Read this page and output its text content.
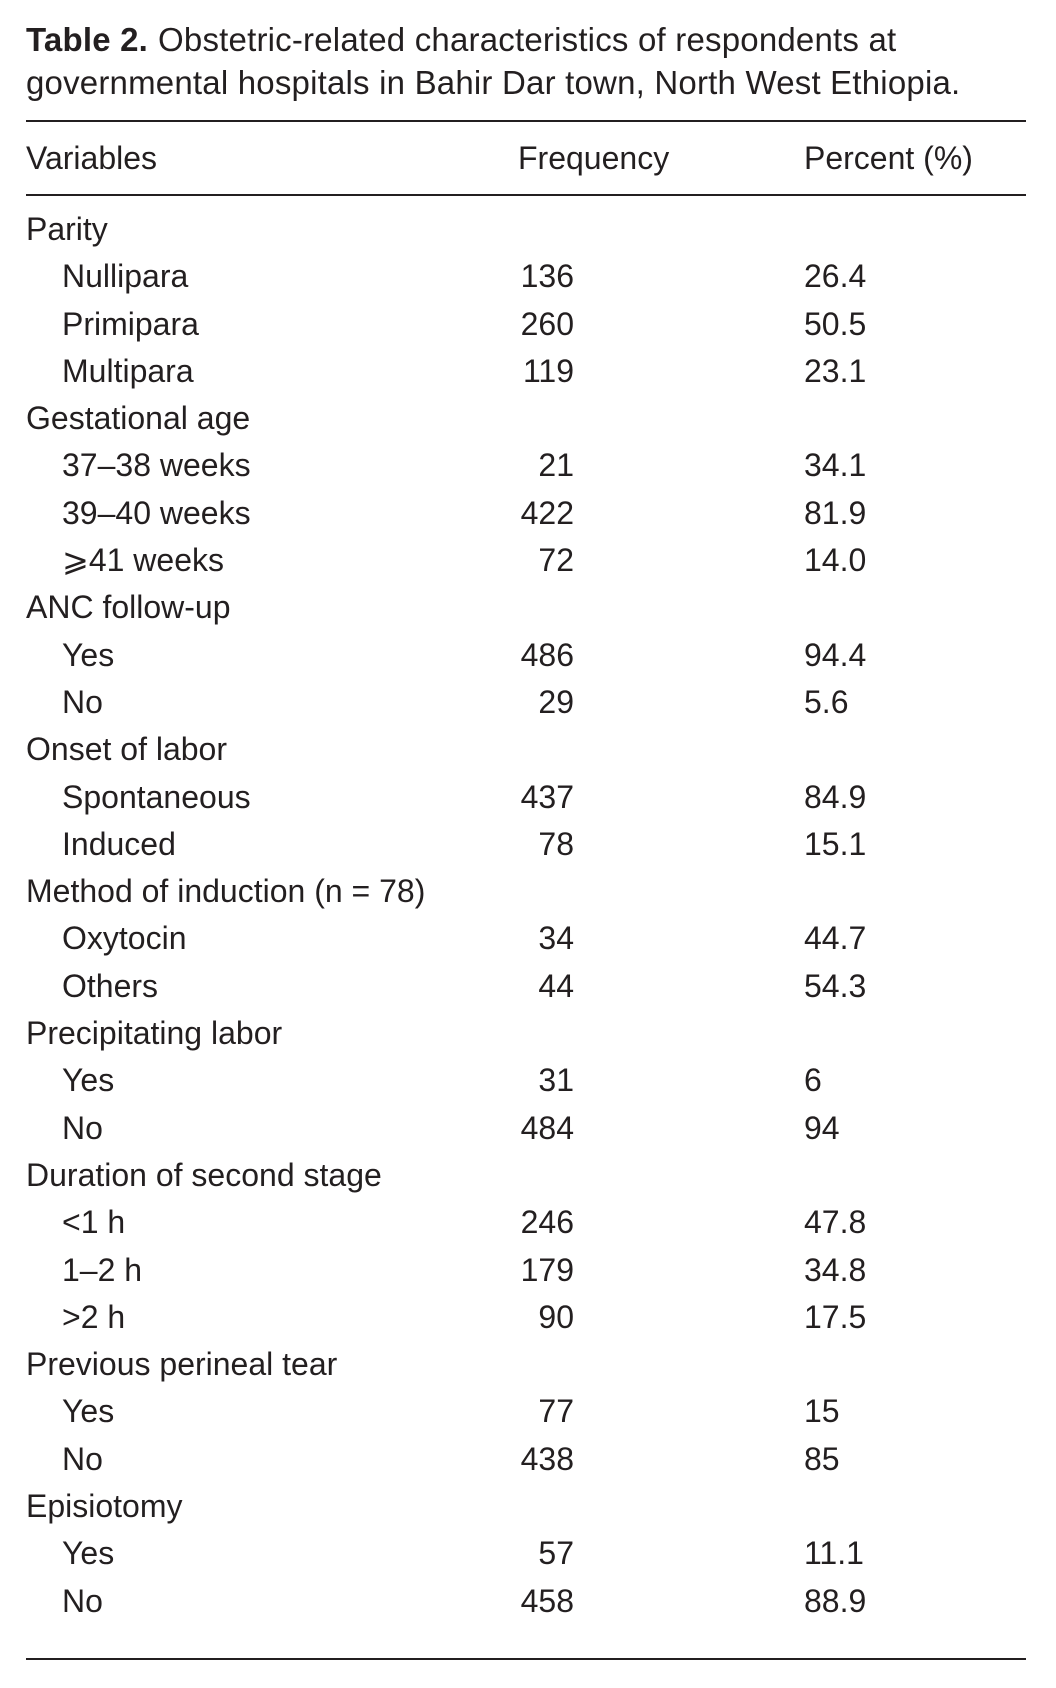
Table 2. Obstetric-related characteristics of respondents at governmental hospitals in Bahir Dar town, North West Ethiopia.
Variables	Frequency	Percent (%)
Parity
Nullipara	136	26.4
Primipara	260	50.5
Multipara	119	23.1
Gestational age
37–38 weeks	21	34.1
39–40 weeks	422	81.9
⩾41 weeks	72	14.0
ANC follow-up
Yes	486	94.4
No	29	5.6
Onset of labor
Spontaneous	437	84.9
Induced	78	15.1
Method of induction (n = 78)
Oxytocin	34	44.7
Others	44	54.3
Precipitating labor
Yes	31	6
No	484	94
Duration of second stage
<1 h	246	47.8
1–2 h	179	34.8
>2 h	90	17.5
Previous perineal tear
Yes	77	15
No	438	85
Episiotomy
Yes	57	11.1
No	458	88.9
